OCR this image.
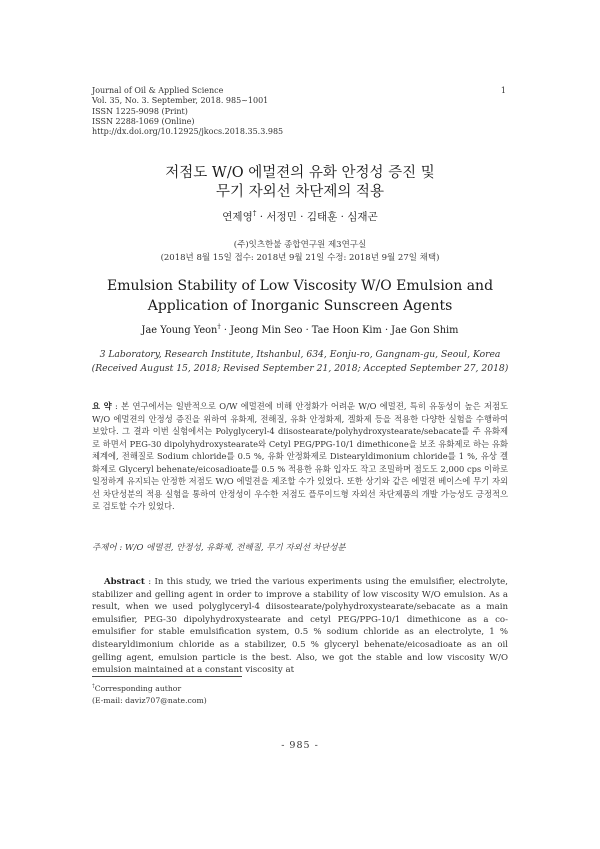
Journal of Oil & Applied Science
Vol. 35, No. 3. September, 2018. 985~1001
ISSN 1225-9098 (Print)
ISSN 2288-1069 (Online)
http://dx.doi.org/10.12925/jkocs.2018.35.3.985
1
저점도 W/O 에멀젼의 유화 안정성 증진 및
무기 자외선 차단제의 적용
연제영† · 서정민 · 김태훈 · 심재곤
(주)잇츠한불 종합연구원 제3연구실
(2018년 8월 15일 접수: 2018년 9월 21일 수정: 2018년 9월 27일 채택)
Emulsion Stability of Low Viscosity W/O Emulsion and
Application of Inorganic Sunscreen Agents
Jae Young Yeon† · Jeong Min Seo · Tae Hoon Kim · Jae Gon Shim
3 Laboratory, Research Institute, Itshanbul, 634, Eonju-ro, Gangnam-gu, Seoul, Korea
(Received August 15, 2018; Revised September 21, 2018; Accepted September 27, 2018)
요 약 : 본 연구에서는 일반적으로 O/W 에멀젼에 비해 안정화가 어려운 W/O 에멀젼, 특히 유동성이 높은 저점도 W/O 에멀젼의 안정성 증진을 위하여 유화제, 전해질, 유화 안정화제, 겔화제 등을 적용한 다양한 실험을 수행하여 보았다. 그 결과 이번 실험에서는 Polyglyceryl-4 diisostearate/polyhydroxystearate/sebacate를 주 유화제로 하면서 PEG-30 dipolyhydroxystearate와 Cetyl PEG/PPG-10/1 dimethicone을 보조 유화제로 하는 유화 체계에, 전해질로 Sodium chloride를 0.5 %, 유화 안정화제로 Distearyldimonium chloride를 1 %, 유상 겔화제로 Glyceryl behenate/eicosadioate를 0.5 % 적용한 유화 입자도 작고 조밀하며 점도도 2,000 cps 이하로 일정하게 유지되는 안정한 저점도 W/O 에멀젼을 제조할 수가 있었다. 또한 상기와 같은 에멀젼 베이스에 무기 자외선 차단성분의 적용 실험을 통하여 안정성이 우수한 저점도 플루이드형 자외선 차단제품의 개발 가능성도 긍정적으로 검토할 수가 있었다.
주제어 : W/O 에멀젼, 안정성, 유화제, 전해질, 무기 자외선 차단성분
Abstract : In this study, we tried the various experiments using the emulsifier, electrolyte, stabilizer and gelling agent in order to improve a stability of low viscosity W/O emulsion. As a result, when we used polyglyceryl-4 diisostearate/polyhydroxystearate/sebacate as a main emulsifier, PEG-30 dipolyhydroxystearate and cetyl PEG/PPG-10/1 dimethicone as a co-emulsifier for stable emulsification system, 0.5 % sodium chloride as an electrolyte, 1 % distearyldimonium chloride as a stabilizer, 0.5 % glyceryl behenate/eicosadioate as an oil gelling agent, emulsion particle is the best. Also, we got the stable and low viscosity W/O emulsion maintained at a constant viscosity at
†Corresponding author
(E-mail: daviz707@nate.com)
- 985 -
